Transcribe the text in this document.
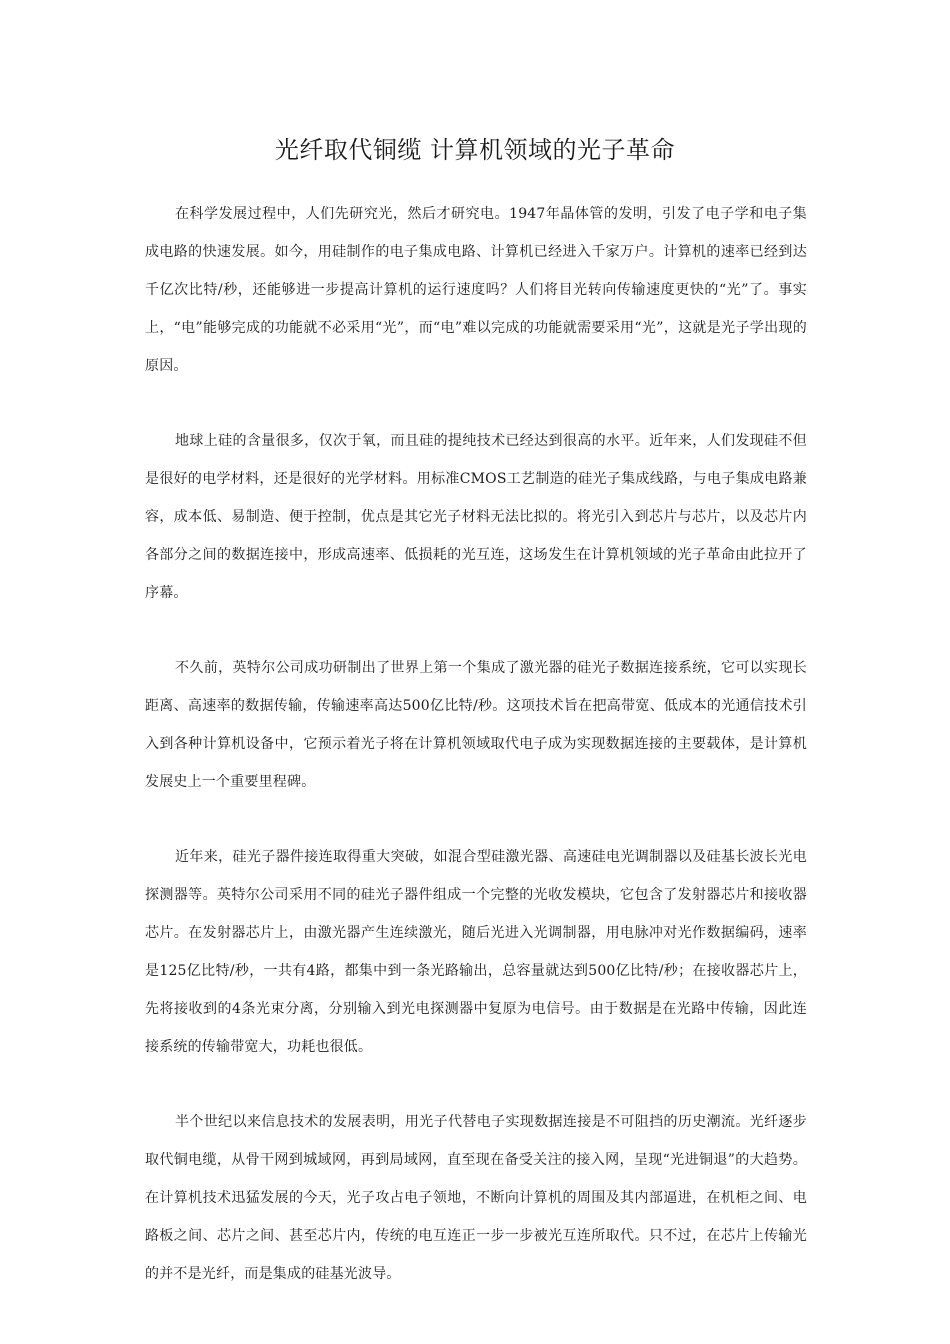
光纤取代铜缆 计算机领域的光子革命

在科学发展过程中，人们先研究光，然后才研究电。1947年晶体管的发明，引发了电子学和电子集成电路的快速发展。如今，用硅制作的电子集成电路、计算机已经进入千家万户。计算机的速率已经到达千亿次比特/秒，还能够进一步提高计算机的运行速度吗？人们将目光转向传输速度更快的“光”了。事实上，“电”能够完成的功能就不必采用“光”，而“电”难以完成的功能就需要采用“光”，这就是光子学出现的原因。

地球上硅的含量很多，仅次于氧，而且硅的提纯技术已经达到很高的水平。近年来，人们发现硅不但是很好的电学材料，还是很好的光学材料。用标准CMOS工艺制造的硅光子集成线路，与电子集成电路兼容，成本低、易制造、便于控制，优点是其它光子材料无法比拟的。将光引入到芯片与芯片，以及芯片内各部分之间的数据连接中，形成高速率、低损耗的光互连，这场发生在计算机领域的光子革命由此拉开了序幕。

不久前，英特尔公司成功研制出了世界上第一个集成了激光器的硅光子数据连接系统，它可以实现长距离、高速率的数据传输，传输速率高达500亿比特/秒。这项技术旨在把高带宽、低成本的光通信技术引入到各种计算机设备中，它预示着光子将在计算机领域取代电子成为实现数据连接的主要载体，是计算机发展史上一个重要里程碑。

近年来，硅光子器件接连取得重大突破，如混合型硅激光器、高速硅电光调制器以及硅基长波长光电探测器等。英特尔公司采用不同的硅光子器件组成一个完整的光收发模块，它包含了发射器芯片和接收器芯片。在发射器芯片上，由激光器产生连续激光，随后光进入光调制器，用电脉冲对光作数据编码，速率是125亿比特/秒，一共有4路，都集中到一条光路输出，总容量就达到500亿比特/秒；在接收器芯片上，先将接收到的4条光束分离，分别输入到光电探测器中复原为电信号。由于数据是在光路中传输，因此连接系统的传输带宽大，功耗也很低。

半个世纪以来信息技术的发展表明，用光子代替电子实现数据连接是不可阻挡的历史潮流。光纤逐步取代铜电缆，从骨干网到城域网，再到局域网，直至现在备受关注的接入网，呈现“光进铜退”的大趋势。在计算机技术迅猛发展的今天，光子攻占电子领地，不断向计算机的周围及其内部逼进，在机柜之间、电路板之间、芯片之间、甚至芯片内，传统的电互连正一步一步被光互连所取代。只不过，在芯片上传输光的并不是光纤，而是集成的硅基光波导。
